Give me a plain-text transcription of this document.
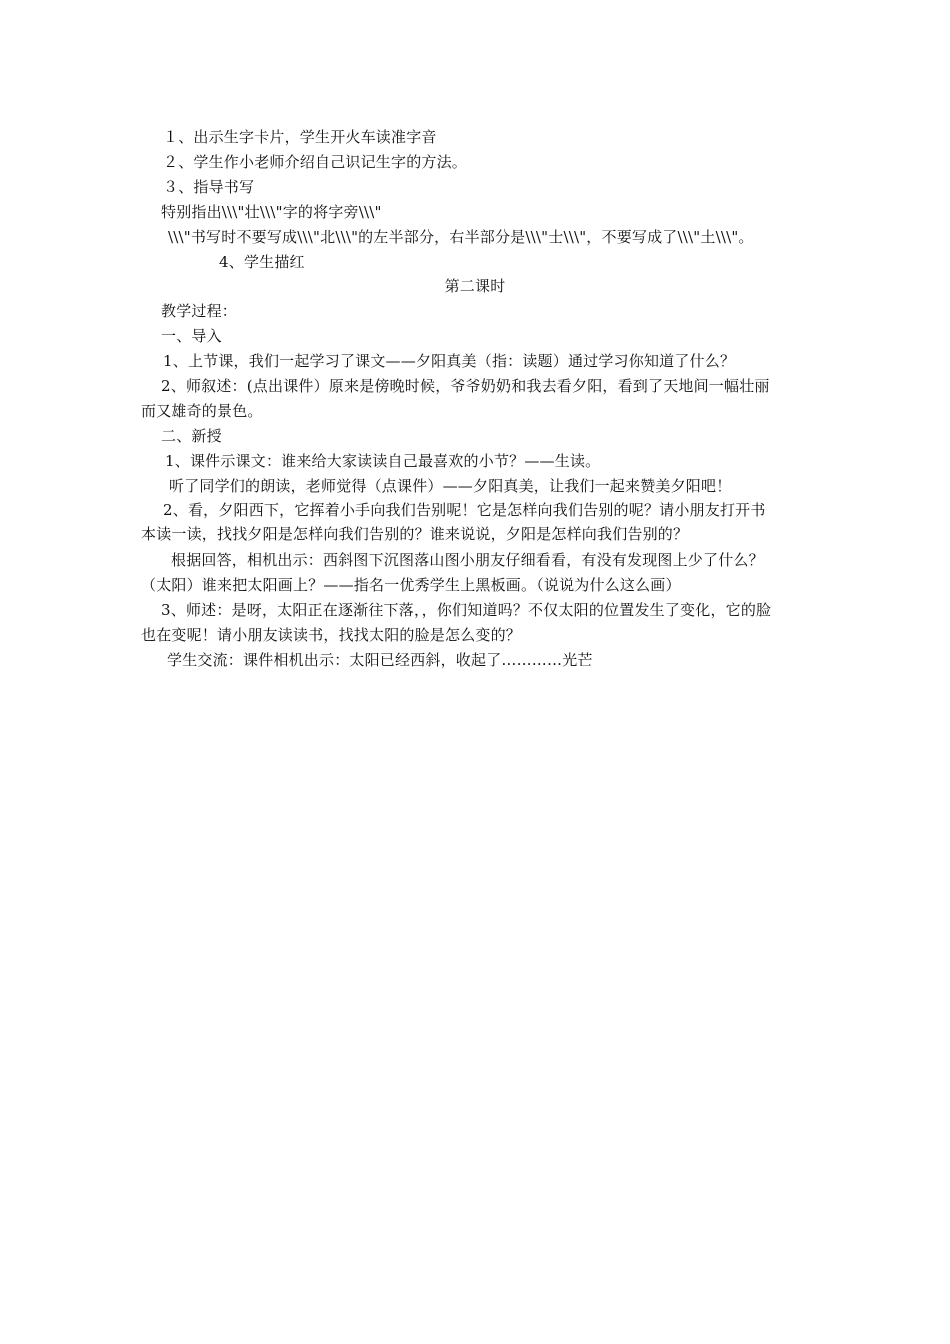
１、出示生字卡片，学生开火车读准字音
２、学生作小老师介绍自己识记生字的方法。
３、指导书写
特别指出\\\"壮\\\"字的将字旁\\\"
\\\"书写时不要写成\\\"北\\\"的左半部分，右半部分是\\\"士\\\"，不要写成了\\\"土\\\"。
4、学生描红
第二课时
教学过程：
一、导入
1、上节课，我们一起学习了课文——夕阳真美（指：读题）通过学习你知道了什么？
2、师叙述：(点出课件）原来是傍晚时候，爷爷奶奶和我去看夕阳，看到了天地间一幅壮丽
而又雄奇的景色。
二、新授
1、课件示课文：谁来给大家读读自己最喜欢的小节？——生读。
听了同学们的朗读，老师觉得（点课件）——夕阳真美，让我们一起来赞美夕阳吧！
2、看，夕阳西下，它挥着小手向我们告别呢！它是怎样向我们告别的呢？请小朋友打开书
本读一读，找找夕阳是怎样向我们告别的？谁来说说，夕阳是怎样向我们告别的？
根据回答，相机出示：西斜图下沉图落山图小朋友仔细看看，有没有发现图上少了什么？
（太阳）谁来把太阳画上？——指名一优秀学生上黑板画。（说说为什么这么画）
3、师述：是呀，太阳正在逐渐往下落，，你们知道吗？不仅太阳的位置发生了变化，它的脸
也在变呢！请小朋友读读书，找找太阳的脸是怎么变的？
学生交流：课件相机出示：太阳已经西斜，收起了…………光芒
